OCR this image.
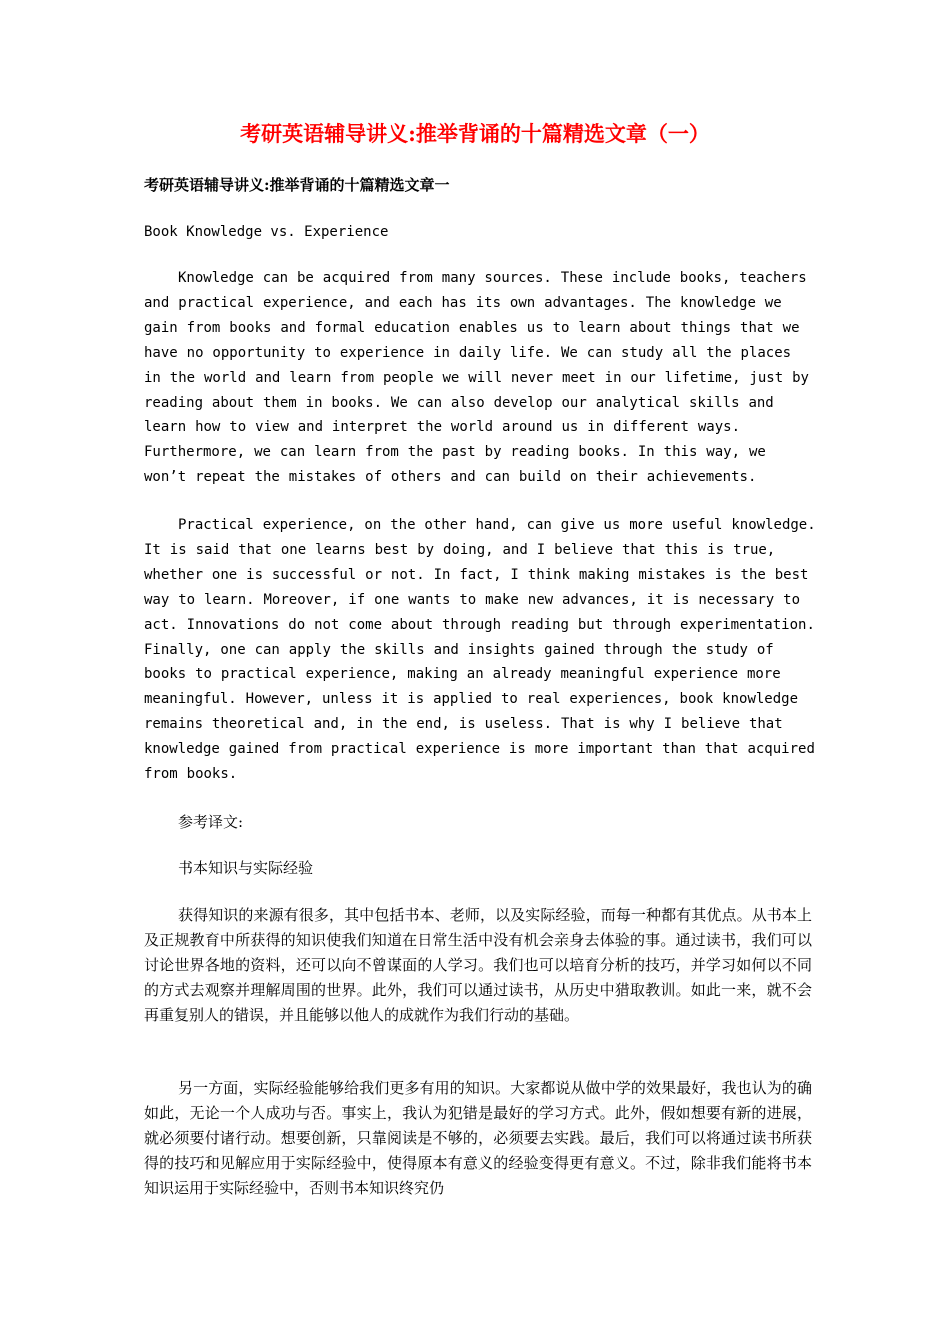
考研英语辅导讲义:推举背诵的十篇精选文章（一）
考研英语辅导讲义:推举背诵的十篇精选文章一

Book Knowledge vs. Experience

Knowledge can be acquired from many sources. These include books, teachers and practical experience, and each has its own advantages. The knowledge we gain from books and formal education enables us to learn about things that we have no opportunity to experience in daily life. We can study all the places in the world and learn from people we will never meet in our lifetime, just by reading about them in books. We can also develop our analytical skills and learn how to view and interpret the world around us in different ways. Furthermore, we can learn from the past by reading books. In this way, we won’t repeat the mistakes of others and can build on their achievements.

Practical experience, on the other hand, can give us more useful knowledge. It is said that one learns best by doing, and I believe that this is true, whether one is successful or not. In fact, I think making mistakes is the best way to learn. Moreover, if one wants to make new advances, it is necessary to act. Innovations do not come about through reading but through experimentation. Finally, one can apply the skills and insights gained through the study of books to practical experience, making an already meaningful experience more meaningful. However, unless it is applied to real experiences, book knowledge remains theoretical and, in the end, is useless. That is why I believe that knowledge gained from practical experience is more important than that acquired from books.

参考译文:

书本知识与实际经验

获得知识的来源有很多，其中包括书本、老师，以及实际经验，而每一种都有其优点。从书本上及正规教育中所获得的知识使我们知道在日常生活中没有机会亲身去体验的事。通过读书，我们可以讨论世界各地的资料，还可以向不曾谋面的人学习。我们也可以培育分析的技巧，并学习如何以不同的方式去观察并理解周围的世界。此外，我们可以通过读书，从历史中猎取教训。如此一来，就不会再重复别人的错误，并且能够以他人的成就作为我们行动的基础。

另一方面，实际经验能够给我们更多有用的知识。大家都说从做中学的效果最好，我也认为的确如此，无论一个人成功与否。事实上，我认为犯错是最好的学习方式。此外，假如想要有新的进展，就必须要付诸行动。想要创新，只靠阅读是不够的，必须要去实践。最后，我们可以将通过读书所获得的技巧和见解应用于实际经验中，使得原本有意义的经验变得更有意义。不过，除非我们能将书本知识运用于实际经验中，否则书本知识终究仍
